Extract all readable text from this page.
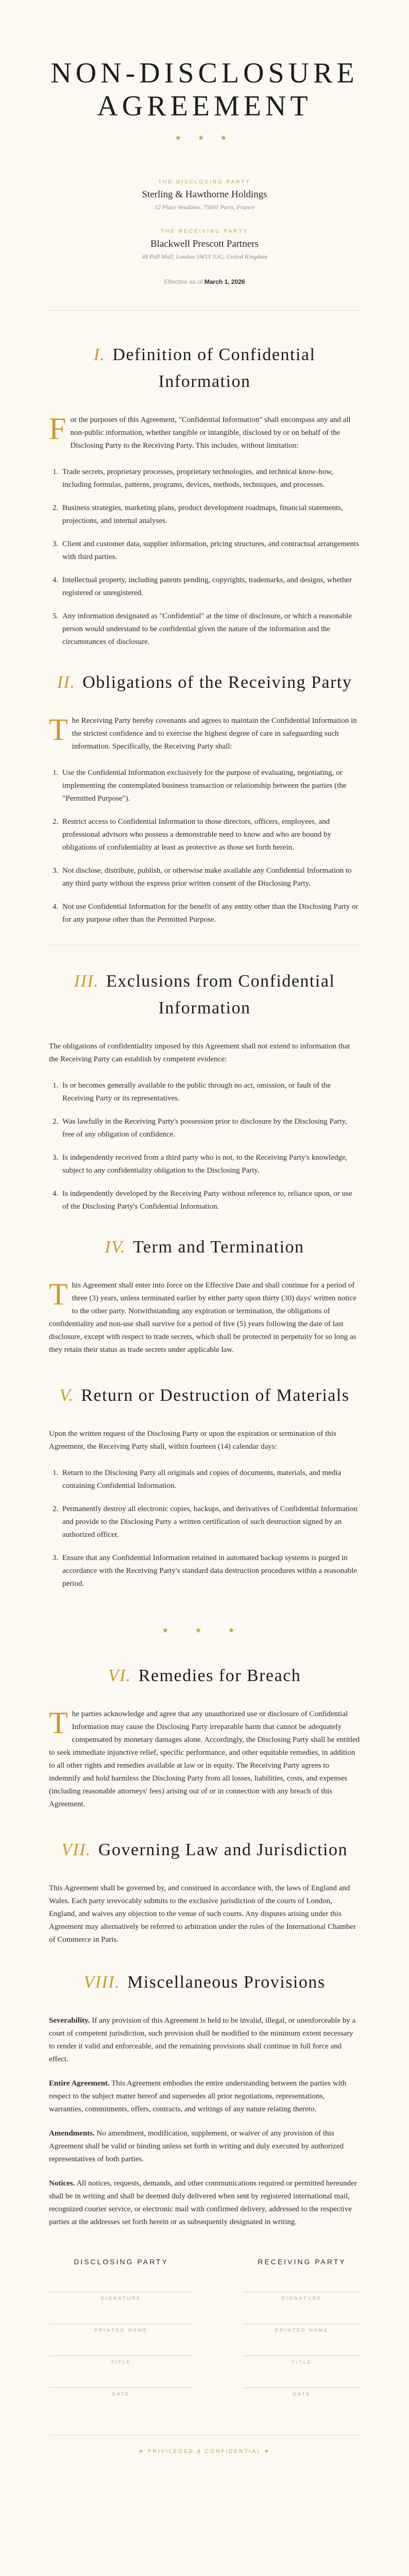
NON-DISCLOSURE AGREEMENT
★ ★ ★

THE DISCLOSING PARTY

Sterling & Hawthorne Holdings

12 Place Vendôme, 75001 Paris, France

THE RECEIVING PARTY

Blackwell Prescott Partners

48 Pall Mall, London SW1Y 5JG, United Kingdom

Effective as of March 1, 2026

I. Definition of Confidential Information

For the purposes of this Agreement, "Confidential Information" shall encompass any and all non-public information, whether tangible or intangible, disclosed by or on behalf of the Disclosing Party to the Receiving Party. This includes, without limitation:

1. Trade secrets, proprietary processes, proprietary technologies, and technical know-how, including formulas, patterns, programs, devices, methods, techniques, and processes.
2. Business strategies, marketing plans, product development roadmaps, financial statements, projections, and internal analyses.
3. Client and customer data, supplier information, pricing structures, and contractual arrangements with third parties.
4. Intellectual property, including patents pending, copyrights, trademarks, and designs, whether registered or unregistered.
5. Any information designated as "Confidential" at the time of disclosure, or which a reasonable person would understand to be confidential given the nature of the information and the circumstances of disclosure.
II. Obligations of the Receiving Party

The Receiving Party hereby covenants and agrees to maintain the Confidential Information in the strictest confidence and to exercise the highest degree of care in safeguarding such information. Specifically, the Receiving Party shall:

1. Use the Confidential Information exclusively for the purpose of evaluating, negotiating, or implementing the contemplated business transaction or relationship between the parties (the "Permitted Purpose").
2. Restrict access to Confidential Information to those directors, officers, employees, and professional advisors who possess a demonstrable need to know and who are bound by obligations of confidentiality at least as protective as those set forth herein.
3. Not disclose, distribute, publish, or otherwise make available any Confidential Information to any third party without the express prior written consent of the Disclosing Party.
4. Not use Confidential Information for the benefit of any entity other than the Disclosing Party or for any purpose other than the Permitted Purpose.
III. Exclusions from Confidential Information

The obligations of confidentiality imposed by this Agreement shall not extend to information that the Receiving Party can establish by competent evidence:

1. Is or becomes generally available to the public through no act, omission, or fault of the Receiving Party or its representatives.
2. Was lawfully in the Receiving Party's possession prior to disclosure by the Disclosing Party, free of any obligation of confidence.
3. Is independently received from a third party who is not, to the Receiving Party's knowledge, subject to any confidentiality obligation to the Disclosing Party.
4. Is independently developed by the Receiving Party without reference to, reliance upon, or use of the Disclosing Party's Confidential Information.
IV. Term and Termination

This Agreement shall enter into force on the Effective Date and shall continue for a period of three (3) years, unless terminated earlier by either party upon thirty (30) days' written notice to the other party. Notwithstanding any expiration or termination, the obligations of confidentiality and non-use shall survive for a period of five (5) years following the date of last disclosure, except with respect to trade secrets, which shall be protected in perpetuity for so long as they retain their status as trade secrets under applicable law.

V. Return or Destruction of Materials

Upon the written request of the Disclosing Party or upon the expiration or termination of this Agreement, the Receiving Party shall, within fourteen (14) calendar days:

1. Return to the Disclosing Party all originals and copies of documents, materials, and media containing Confidential Information.
2. Permanently destroy all electronic copies, backups, and derivatives of Confidential Information and provide to the Disclosing Party a written certification of such destruction signed by an authorized officer.
3. Ensure that any Confidential Information retained in automated backup systems is purged in accordance with the Receiving Party's standard data destruction procedures within a reasonable period.
★ ★ ★
VI. Remedies for Breach

The parties acknowledge and agree that any unauthorized use or disclosure of Confidential Information may cause the Disclosing Party irreparable harm that cannot be adequately compensated by monetary damages alone. Accordingly, the Disclosing Party shall be entitled to seek immediate injunctive relief, specific performance, and other equitable remedies, in addition to all other rights and remedies available at law or in equity. The Receiving Party agrees to indemnify and hold harmless the Disclosing Party from all losses, liabilities, costs, and expenses (including reasonable attorneys' fees) arising out of or in connection with any breach of this Agreement.

VII. Governing Law and Jurisdiction

This Agreement shall be governed by, and construed in accordance with, the laws of England and Wales. Each party irrevocably submits to the exclusive jurisdiction of the courts of London, England, and waives any objection to the venue of such courts. Any disputes arising under this Agreement may alternatively be referred to arbitration under the rules of the International Chamber of Commerce in Paris.

VIII. Miscellaneous Provisions

Severability. If any provision of this Agreement is held to be invalid, illegal, or unenforceable by a court of competent jurisdiction, such provision shall be modified to the minimum extent necessary to render it valid and enforceable, and the remaining provisions shall continue in full force and effect.

Entire Agreement. This Agreement embodies the entire understanding between the parties with respect to the subject matter hereof and supersedes all prior negotiations, representations, warranties, commitments, offers, contracts, and writings of any nature relating thereto.

Amendments. No amendment, modification, supplement, or waiver of any provision of this Agreement shall be valid or binding unless set forth in writing and duly executed by authorized representatives of both parties.

Notices. All notices, requests, demands, and other communications required or permitted hereunder shall be in writing and shall be deemed duly delivered when sent by registered international mail, recognized courier service, or electronic mail with confirmed delivery, addressed to the respective parties at the addresses set forth herein or as subsequently designated in writing.

DISCLOSING PARTY

SIGNATURE
PRINTED NAME
TITLE
DATE

RECEIVING PARTY

SIGNATURE
PRINTED NAME
TITLE
DATE
★ PRIVILEGED & CONFIDENTIAL ★
